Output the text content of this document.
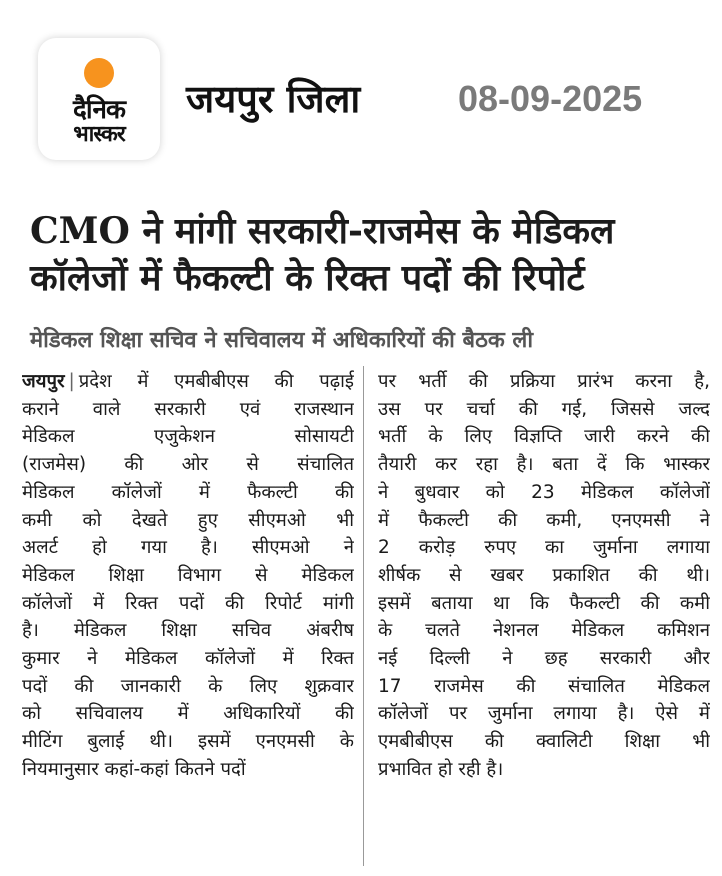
दैनिक
भास्कर
जयपुर जिला	08-09-2025
CMO ने मांगी सरकारी-राजमेस के मेडिकल कॉलेजों में फैकल्टी के रिक्त पदों की रिपोर्ट
मेडिकल शिक्षा सचिव ने सचिवालय में अधिकारियों की बैठक ली
जयपुर | प्रदेश में एमबीबीएस की पढ़ाई
कराने वाले सरकारी एवं राजस्थान
मेडिकल एजुकेशन सोसायटी
(राजमेस) की ओर से संचालित
मेडिकल कॉलेजों में फैकल्टी की
कमी को देखते हुए सीएमओ भी
अलर्ट हो गया है। सीएमओ ने
मेडिकल शिक्षा विभाग से मेडिकल
कॉलेजों में रिक्त पदों की रिपोर्ट मांगी
है। मेडिकल शिक्षा सचिव अंबरीष
कुमार ने मेडिकल कॉलेजों में रिक्त
पदों की जानकारी के लिए शुक्रवार
को सचिवालय में अधिकारियों की
मीटिंग बुलाई थी। इसमें एनएमसी के
नियमानुसार कहां-कहां कितने पदों
पर भर्ती की प्रक्रिया प्रारंभ करना है,
उस पर चर्चा की गई, जिससे जल्द
भर्ती के लिए विज्ञप्ति जारी करने की
तैयारी कर रहा है। बता दें कि भास्कर
ने बुधवार को 23 मेडिकल कॉलेजों
में फैकल्टी की कमी, एनएमसी ने
2 करोड़ रुपए का जुर्माना लगाया
शीर्षक से खबर प्रकाशित की थी।
इसमें बताया था कि फैकल्टी की कमी
के चलते नेशनल मेडिकल कमिशन
नई दिल्ली ने छह सरकारी और
17 राजमेस की संचालित मेडिकल
कॉलेजों पर जुर्माना लगाया है। ऐसे में
एमबीबीएस की क्वालिटी शिक्षा भी
प्रभावित हो रही है।
